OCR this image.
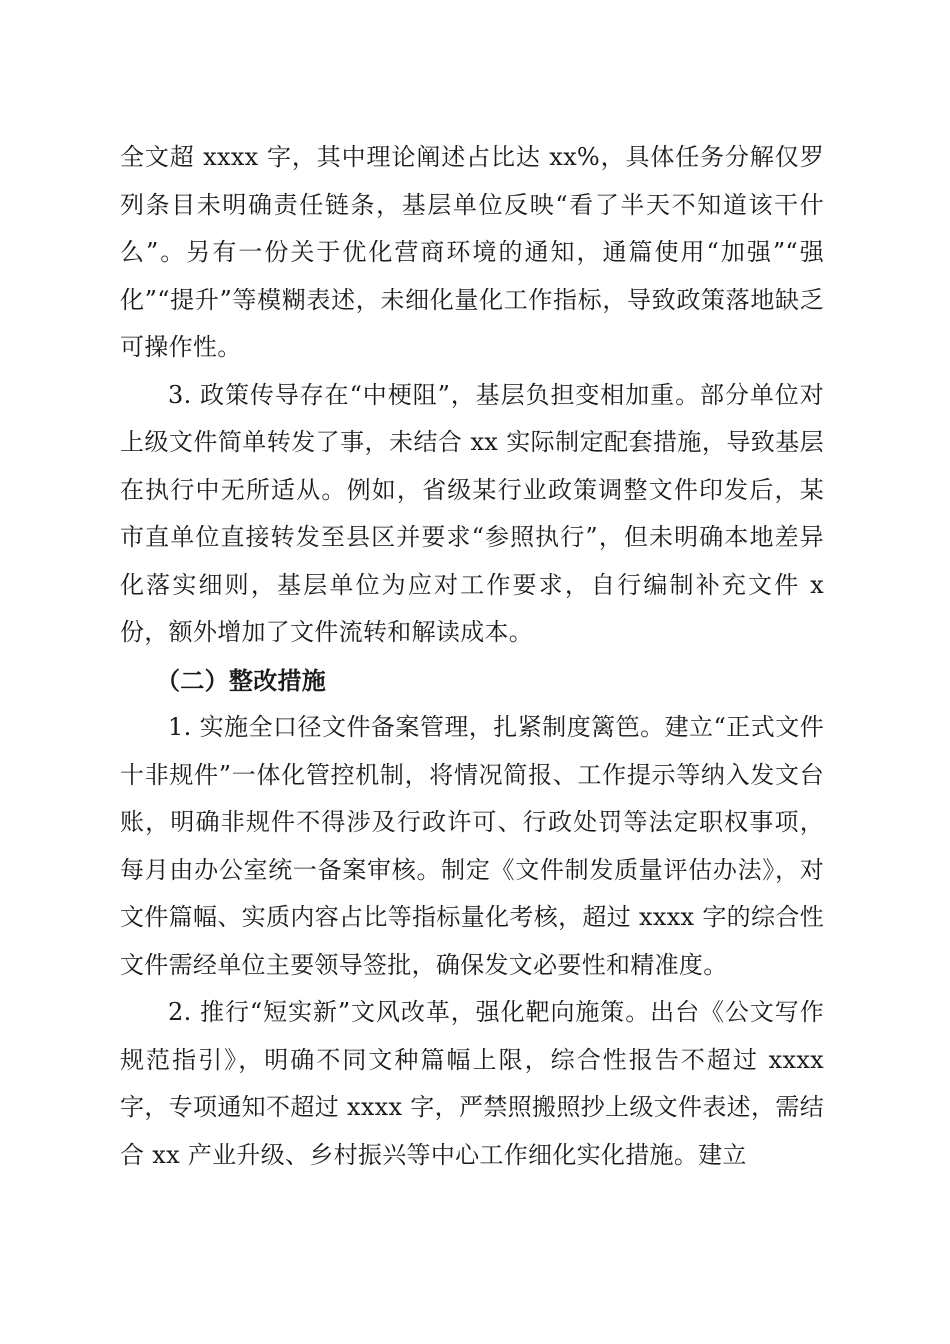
全文超 xxxx 字，其中理论阐述占比达 xx%，具体任务分解仅罗列条目未明确责任链条，基层单位反映“看了半天不知道该干什么”。另有一份关于优化营商环境的通知，通篇使用“加强”“强化”“提升”等模糊表述，未细化量化工作指标，导致政策落地缺乏可操作性。

3. 政策传导存在“中梗阻”，基层负担变相加重。部分单位对上级文件简单转发了事，未结合 xx 实际制定配套措施，导致基层在执行中无所适从。例如，省级某行业政策调整文件印发后，某市直单位直接转发至县区并要求“参照执行”，但未明确本地差异化落实细则，基层单位为应对工作要求，自行编制补充文件 x 份，额外增加了文件流转和解读成本。

（二）整改措施

1. 实施全口径文件备案管理，扎紧制度篱笆。建立“正式文件十非规件”一体化管控机制，将情况简报、工作提示等纳入发文台账，明确非规件不得涉及行政许可、行政处罚等法定职权事项，每月由办公室统一备案审核。制定《文件制发质量评估办法》，对文件篇幅、实质内容占比等指标量化考核，超过 xxxx 字的综合性文件需经单位主要领导签批，确保发文必要性和精准度。

2. 推行“短实新”文风改革，强化靶向施策。出台《公文写作规范指引》，明确不同文种篇幅上限，综合性报告不超过 xxxx 字，专项通知不超过 xxxx 字，严禁照搬照抄上级文件表述，需结合 xx 产业升级、乡村振兴等中心工作细化实化措施。建立
